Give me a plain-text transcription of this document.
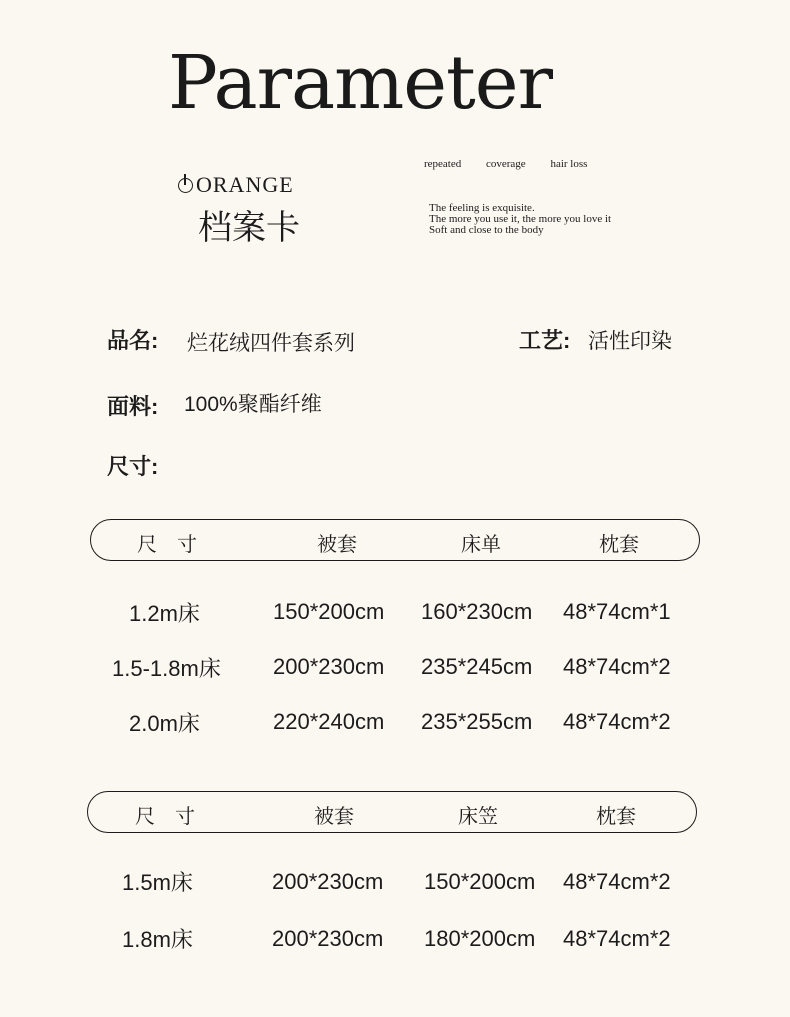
Parameter
ORANGE
档案卡
repeated coverage hair loss
The feeling is exquisite.
The more you use it, the more you love it
Soft and close to the body
品名: 烂花绒四件套系列	工艺: 活性印染
面料: 100%聚酯纤维
尺寸:
尺　寸	被套	床单	枕套
1.2m床	150*200cm 160*230cm 48*74cm*1
1.5-1.8m床 200*230cm 235*245cm 48*74cm*2
2.0m床	220*240cm 235*255cm 48*74cm*2
尺　寸	被套	床笠	枕套
1.5m床	200*230cm 150*200cm 48*74cm*2
1.8m床	200*230cm 180*200cm 48*74cm*2
